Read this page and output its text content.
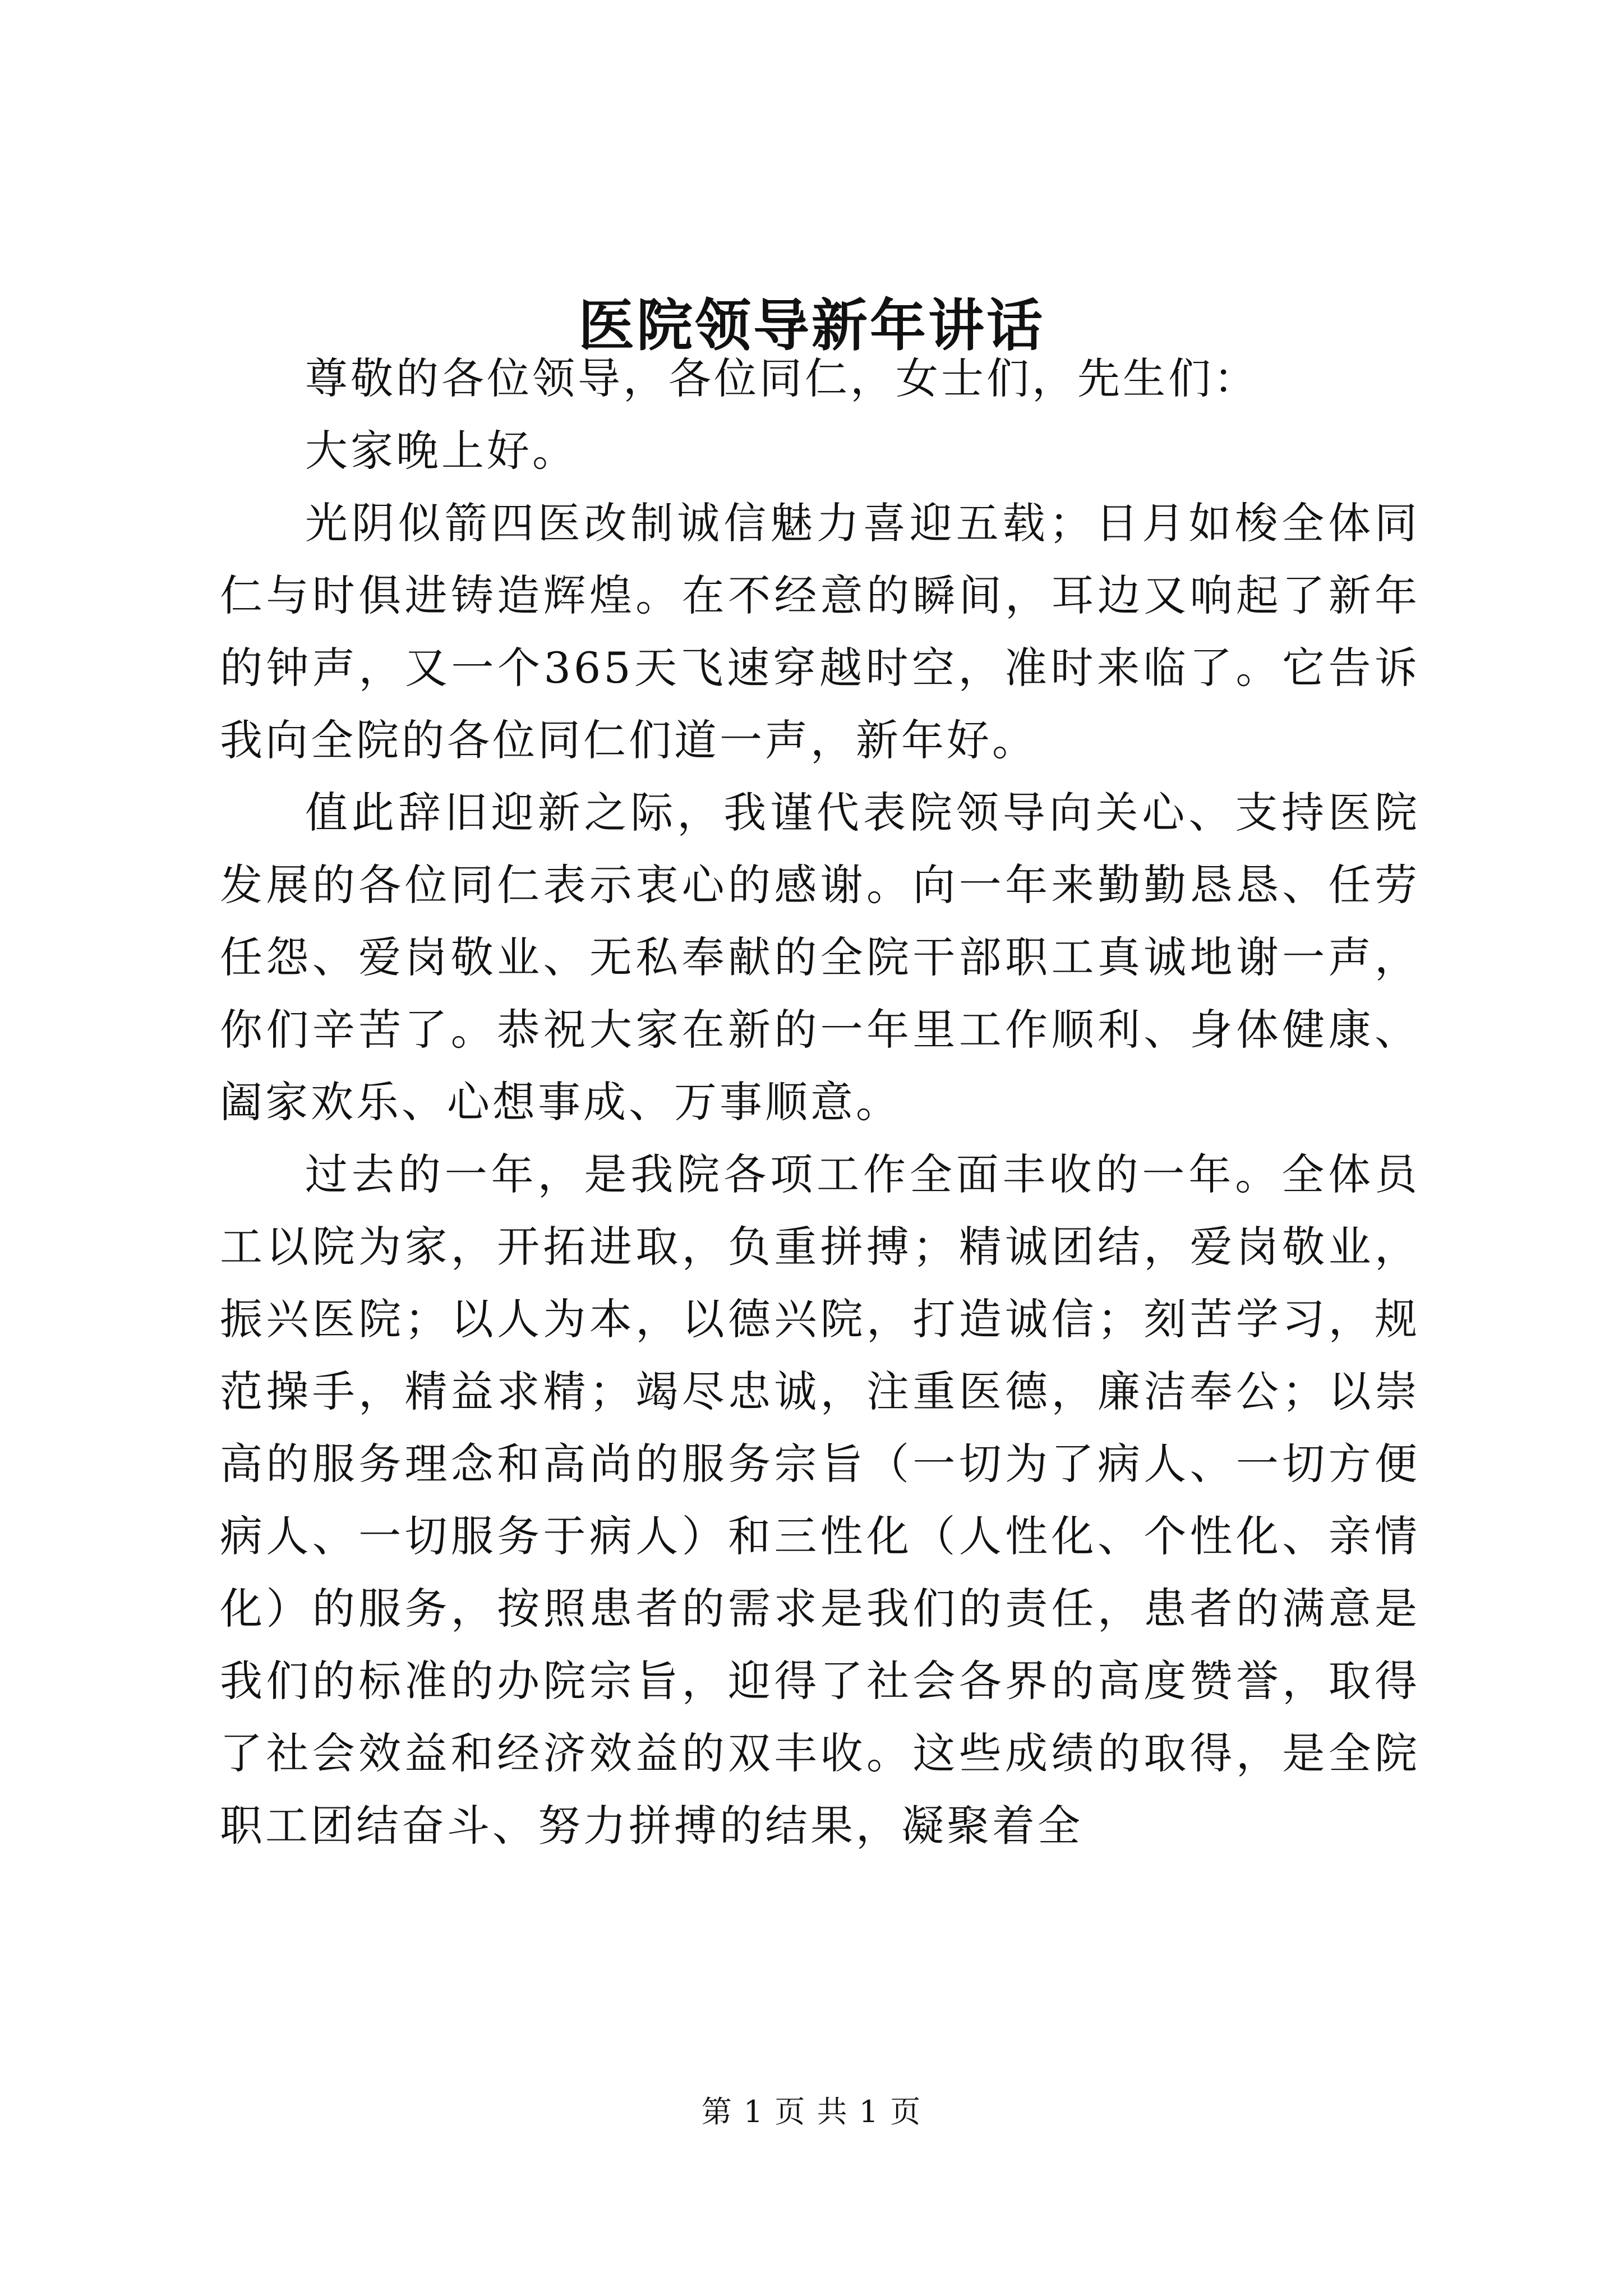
医院领导新年讲话

尊敬的各位领导，各位同仁，女士们，先生们：

大家晚上好。

光阴似箭四医改制诚信魅力喜迎五载；日月如梭全体同仁与时俱进铸造辉煌。在不经意的瞬间，耳边又响起了新年的钟声，又一个365天飞速穿越时空，准时来临了。它告诉我向全院的各位同仁们道一声，新年好。

值此辞旧迎新之际，我谨代表院领导向关心、支持医院发展的各位同仁表示衷心的感谢。向一年来勤勤恳恳、任劳任怨、爱岗敬业、无私奉献的全院干部职工真诚地谢一声，你们辛苦了。恭祝大家在新的一年里工作顺利、身体健康、阖家欢乐、心想事成、万事顺意。

过去的一年，是我院各项工作全面丰收的一年。全体员工以院为家，开拓进取，负重拼搏；精诚团结，爱岗敬业，振兴医院；以人为本，以德兴院，打造诚信；刻苦学习，规范操手，精益求精；竭尽忠诚，注重医德，廉洁奉公；以崇高的服务理念和高尚的服务宗旨（一切为了病人、一切方便病人、一切服务于病人）和三性化（人性化、个性化、亲情化）的服务，按照患者的需求是我们的责任，患者的满意是我们的标准的办院宗旨，迎得了社会各界的高度赞誉，取得了社会效益和经济效益的双丰收。这些成绩的取得，是全院职工团结奋斗、努力拼搏的结果，凝聚着全

第 1 页 共 1 页
